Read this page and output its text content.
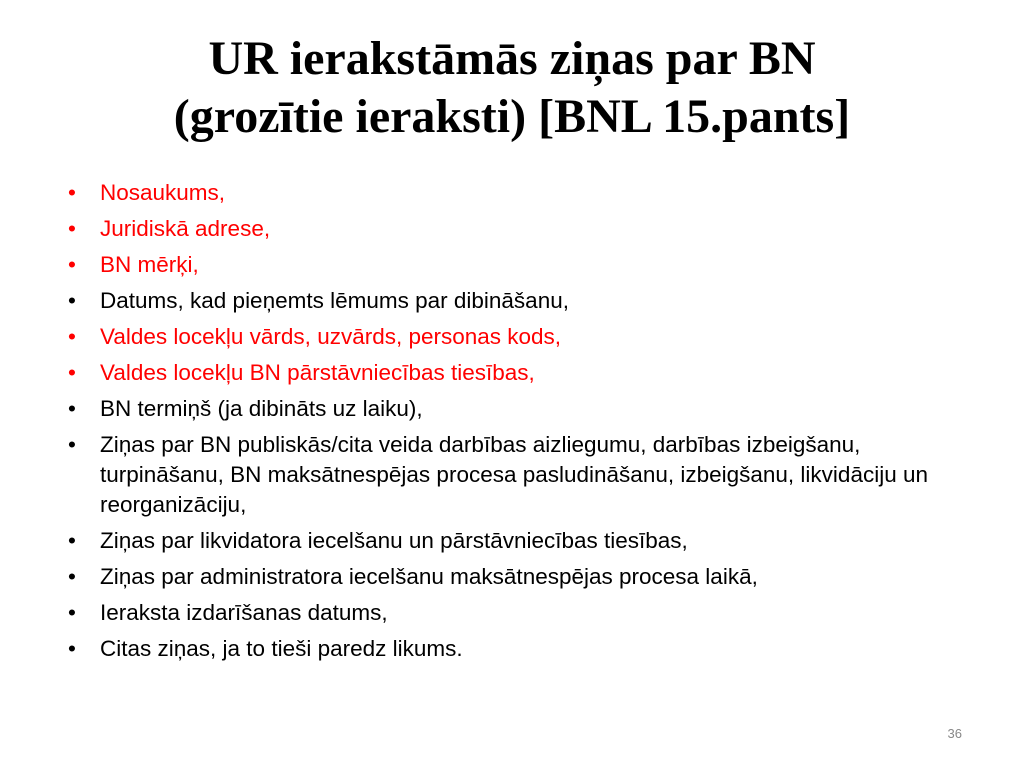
UR ierakstāmās ziņas par BN
(grozītie ieraksti) [BNL 15.pants]
• Nosaukums,
• Juridiskā adrese,
• BN mērķi,
• Datums, kad pieņemts lēmums par dibināšanu,
• Valdes locekļu vārds, uzvārds, personas kods,
• Valdes locekļu BN pārstāvniecības tiesības,
• BN termiņš (ja dibināts uz laiku),
• Ziņas par BN publiskās/cita veida darbības aizliegumu, darbības izbeigšanu, turpināšanu, BN maksātnespējas procesa pasludināšanu, izbeigšanu, likvidāciju un reorganizāciju,
• Ziņas par likvidatora iecelšanu un pārstāvniecības tiesības,
• Ziņas par administratora iecelšanu maksātnespējas procesa laikā,
• Ieraksta izdarīšanas datums,
• Citas ziņas, ja to tieši paredz likums.
36
